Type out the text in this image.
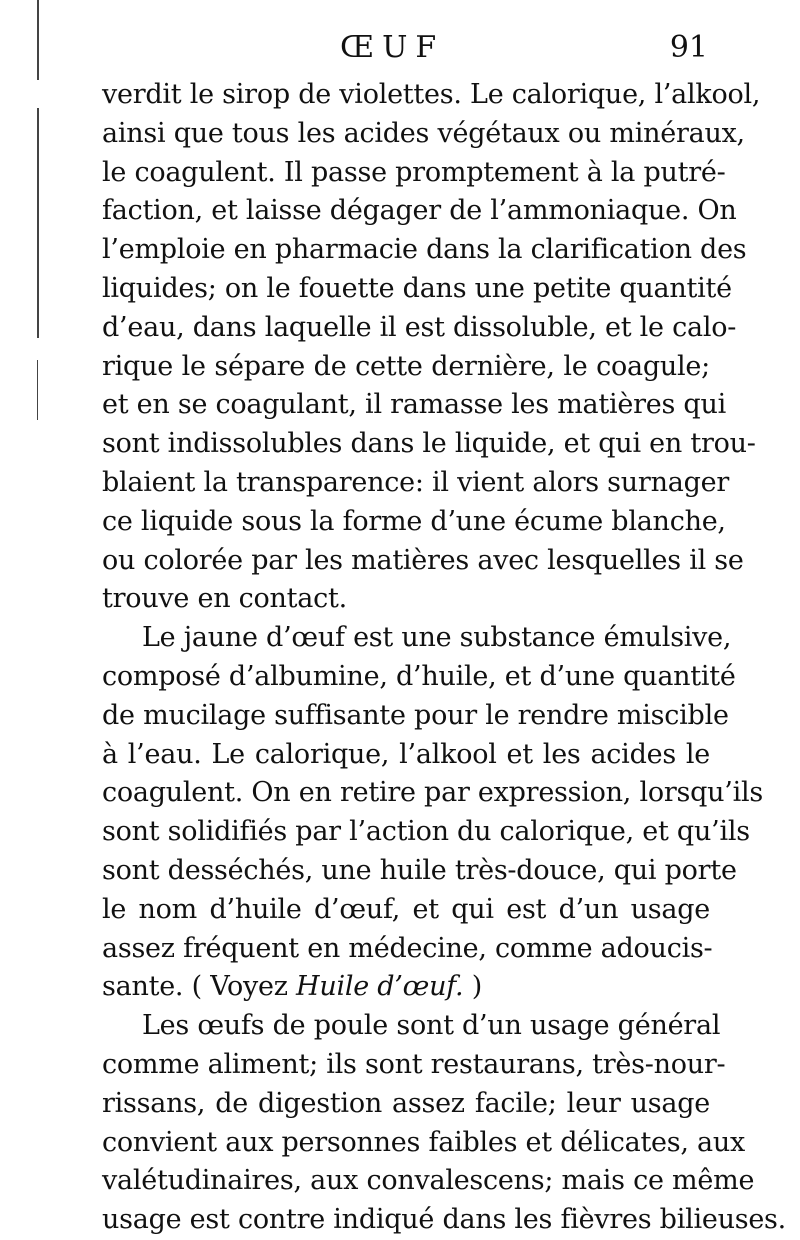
ŒUF	91
verdit le sirop de violettes. Le calorique, l’alkool,
ainsi que tous les acides végétaux ou minéraux,
le coagulent. Il passe promptement à la putré-
faction, et laisse dégager de l’ammoniaque. On
l’emploie en pharmacie dans la clarification des
liquides; on le fouette dans une petite quantité
d’eau, dans laquelle il est dissoluble, et le calo-
rique le sépare de cette dernière, le coagule;
et en se coagulant, il ramasse les matières qui
sont indissolubles dans le liquide, et qui en trou-
blaient la transparence: il vient alors surnager
ce liquide sous la forme d’une écume blanche,
ou colorée par les matières avec lesquelles il se
trouve en contact.
Le jaune d’œuf est une substance émulsive,
composé d’albumine, d’huile, et d’une quantité
de mucilage suffisante pour le rendre miscible
à l’eau. Le calorique, l’alkool et les acides le
coagulent. On en retire par expression, lorsqu’ils
sont solidifiés par l’action du calorique, et qu’ils
sont desséchés, une huile très-douce, qui porte
le nom d’huile d’œuf, et qui est d’un usage
assez fréquent en médecine, comme adoucis-
sante. ( Voyez Huile d’œuf. )
Les œufs de poule sont d’un usage général
comme aliment; ils sont restaurans, très-nour-
rissans, de digestion assez facile; leur usage
convient aux personnes faibles et délicates, aux
valétudinaires, aux convalescens; mais ce même
usage est contre indiqué dans les fièvres bilieuses.
